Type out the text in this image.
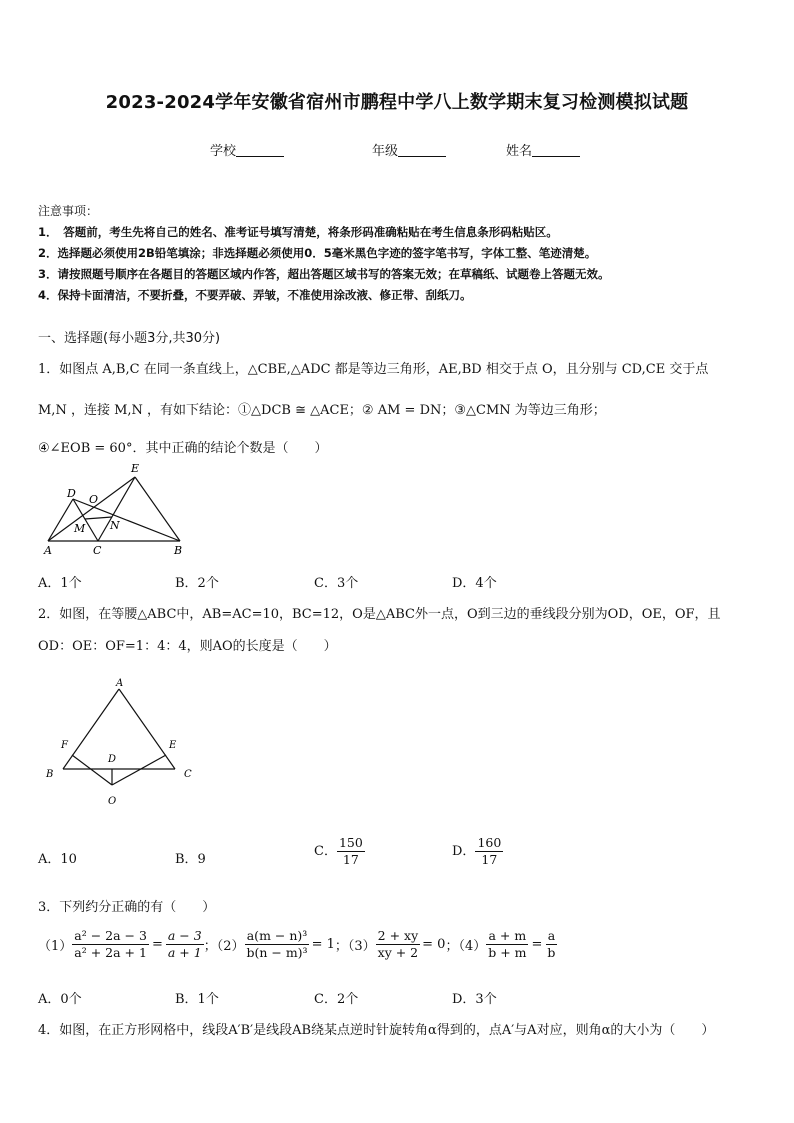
2023-2024学年安徽省宿州市鹏程中学八上数学期末复习检测模拟试题
学校	年级	姓名
注意事项：
1．　答题前，考生先将自己的姓名、准考证号填写清楚，将条形码准确粘贴在考生信息条形码粘贴区。
2．选择题必须使用2B铅笔填涂；非选择题必须使用0．5毫米黑色字迹的签字笔书写，字体工整、笔迹清楚。
3．请按照题号顺序在各题目的答题区域内作答，超出答题区域书写的答案无效；在草稿纸、试题卷上答题无效。
4．保持卡面清洁，不要折叠，不要弄破、弄皱，不准使用涂改液、修正带、刮纸刀。
一、选择题(每小题3分,共30分)
1．如图点 A,B,C 在同一条直线上，△CBE,△ADC 都是等边三角形，AE,BD 相交于点 O，且分别与 CD,CE 交于点
M,N ，连接 M,N ，有如下结论：①△DCB ≅ △ACE；② AM = DN；③△CMN 为等边三角形；
④∠EOB = 60°．其中正确的结论个数是（　　）
E
D O
M N
A	C	B
A．1个	B．2个	C．3个	D．4个
2．如图，在等腰△ABC中，AB=AC=10，BC=12，O是△ABC外一点，O到三边的垂线段分别为OD，OE，OF，且
OD：OE：OF=1：4：4，则AO的长度是（　　）
A
F	E
D
B	C
O
A．10	B．9
C． $\frac{150}{17}$	D． $\frac{160}{17}$
3．下列约分正确的有（　　）
$(1) \frac{\text{a² − 2a − 3}}{\text{a² + 2a + 1}} = \frac{a - 3}{a + 1}$ ；$(2) \frac{\text{a(m − n)³}}{\text{b(n − m)³}} = 1$ ；$(3) \frac{2 + xy}{xy + 2} = 0$ ；$(4) \frac{a + m}{b + m} = \frac{a}{b}$
A．0个	B．1个	C．2个	D．3个
4．如图，在正方形网格中，线段A′B′是线段AB绕某点逆时针旋转角α得到的，点A′与A对应，则角α的大小为（　　）
